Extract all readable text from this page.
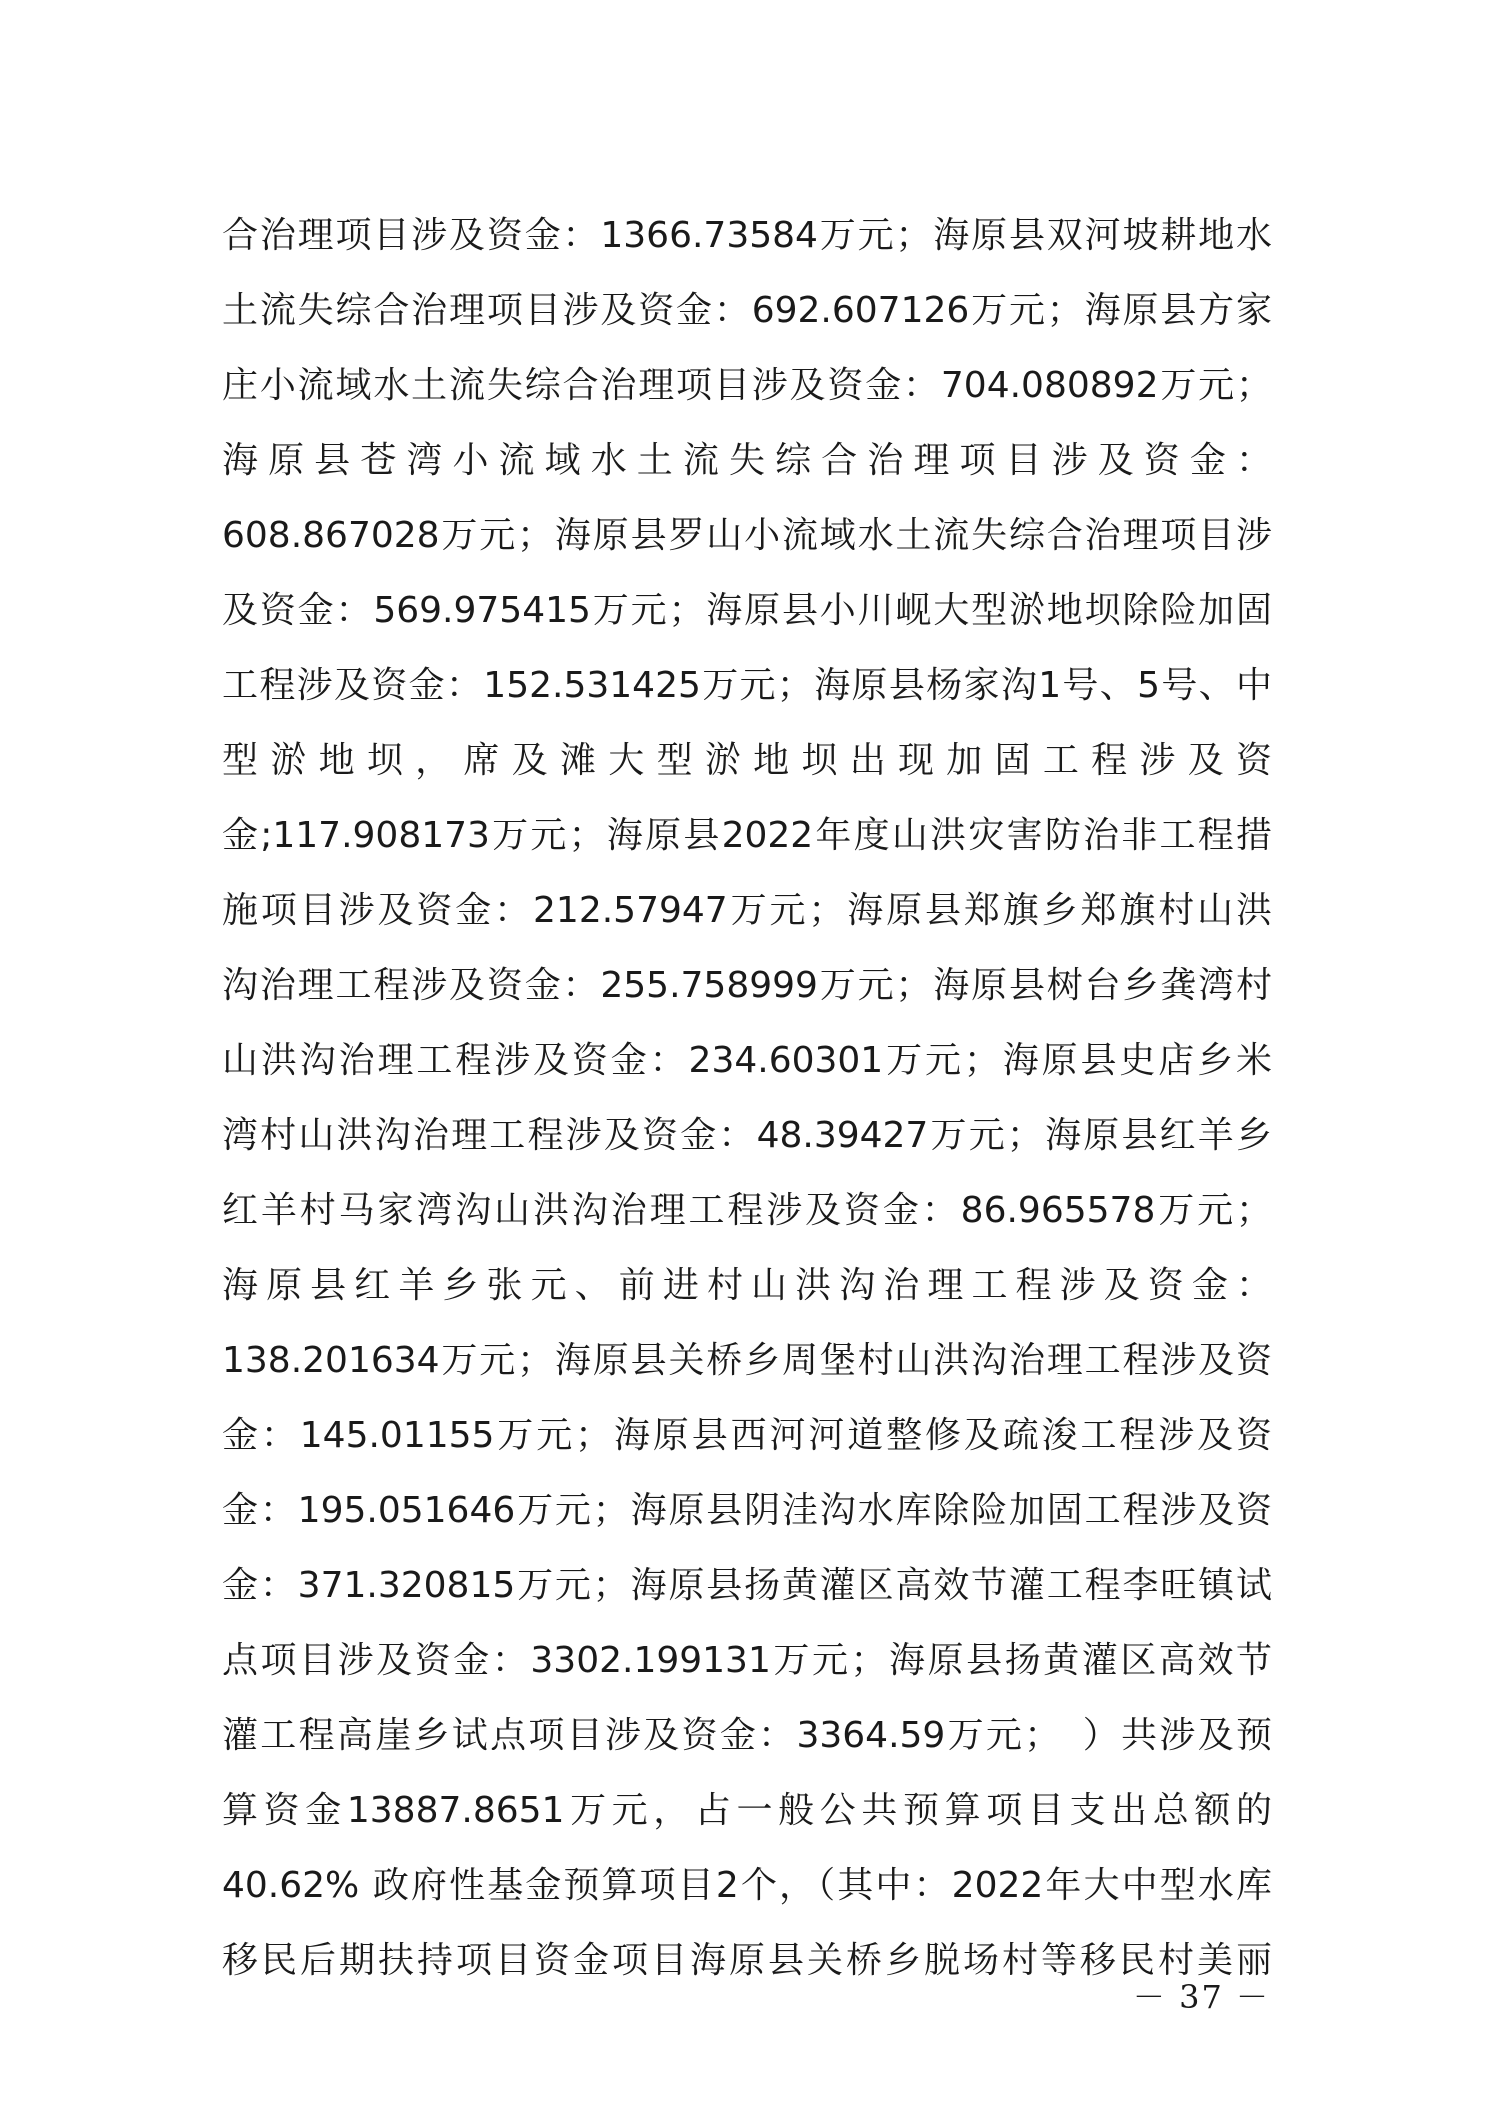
合治理项目涉及资金：1366.73584万元；海原县双河坡耕地水
土流失综合治理项目涉及资金：692.607126万元；海原县方家
庄小流域水土流失综合治理项目涉及资金：704.080892万元；
海原县苍湾小流域水土流失综合治理项目涉及资金：
608.867028万元；海原县罗山小流域水土流失综合治理项目涉
及资金：569.975415万元；海原县小川岘大型淤地坝除险加固
工程涉及资金：152.531425万元；海原县杨家沟1号、5号、中
型淤地坝，席及滩大型淤地坝出现加固工程涉及资
金;117.908173万元；海原县2022年度山洪灾害防治非工程措
施项目涉及资金：212.57947万元；海原县郑旗乡郑旗村山洪
沟治理工程涉及资金：255.758999万元；海原县树台乡龚湾村
山洪沟治理工程涉及资金：234.60301万元；海原县史店乡米
湾村山洪沟治理工程涉及资金：48.39427万元；海原县红羊乡
红羊村马家湾沟山洪沟治理工程涉及资金：86.965578万元；
海原县红羊乡张元、前进村山洪沟治理工程涉及资金：
138.201634万元；海原县关桥乡周堡村山洪沟治理工程涉及资
金：145.01155万元；海原县西河河道整修及疏浚工程涉及资
金：195.051646万元；海原县阴洼沟水库除险加固工程涉及资
金：371.320815万元；海原县扬黄灌区高效节灌工程李旺镇试
点项目涉及资金：3302.199131万元；海原县扬黄灌区高效节
灌工程高崖乡试点项目涉及资金：3364.59万元；　）共涉及预
算资金13887.8651万元，占一般公共预算项目支出总额的
40.62% 政府性基金预算项目2个，（其中：2022年大中型水库
移民后期扶持项目资金项目海原县关桥乡脱场村等移民村美丽
－ 37 －
